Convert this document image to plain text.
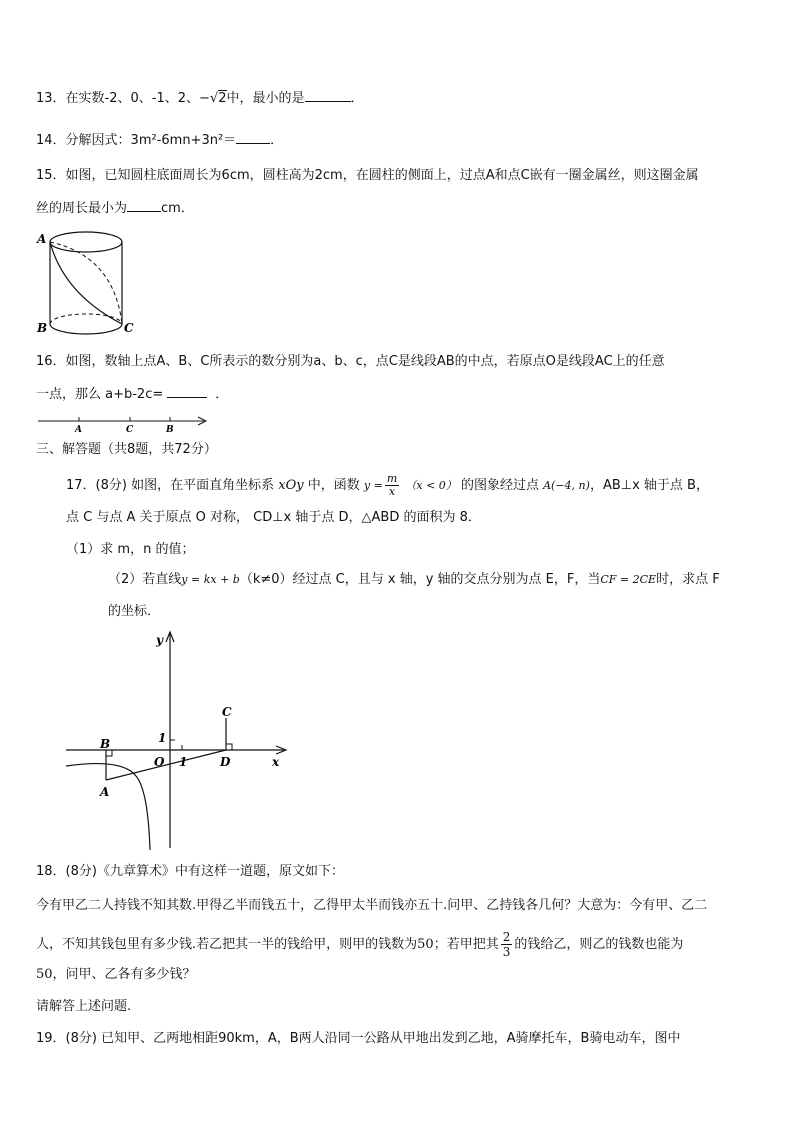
13．在实数-2、0、-1、2、−√2中，最小的是	．
14．分解因式：3m²-6mn+3n²＝	．
15．如图，已知圆柱底面周长为6cm，圆柱高为2cm，在圆柱的侧面上，过点A和点C嵌有一圈金属丝，则这圈金属
丝的周长最小为	cm．
A
B	C
16．如图，数轴上点A、B、C所表示的数分别为a、b、c，点C是线段AB的中点，若原点O是线段AC上的任意
一点，那么 a+b-2c=	．
A	C	B
三、解答题（共8题，共72分）
17．(8分) 如图，在平面直角坐标系 xOy 中，函数 $y = \frac{m}{x} (x < 0)$ 的图象经过点 A(−4, n)，AB⊥x 轴于点 B，
点 C 与点 A 关于原点 O 对称， CD⊥x 轴于点 D，△ABD 的面积为 8．
（1）求 m，n 的值；
（2）若直线y = kx + b（k≠0）经过点 C，且与 x 轴，y 轴的交点分别为点 E，F，当CF = 2CE时，求点 F
的坐标．
y
x
O
1
1
B
A
C
D
18．(8分)《九章算术》中有这样一道题，原文如下：
今有甲乙二人持钱不知其数.甲得乙半而钱五十，乙得甲太半而钱亦五十.问甲、乙持钱各几何？大意为：今有甲、乙二
人，不知其钱包里有多少钱.若乙把其一半的钱给甲，则甲的钱数为50；若甲把其 $\frac{2}{3}$ 的钱给乙，则乙的钱数也能为
50，问甲、乙各有多少钱？
请解答上述问题.
19．(8分) 已知甲、乙两地相距90km，A，B两人沿同一公路从甲地出发到乙地，A骑摩托车，B骑电动车，图中
